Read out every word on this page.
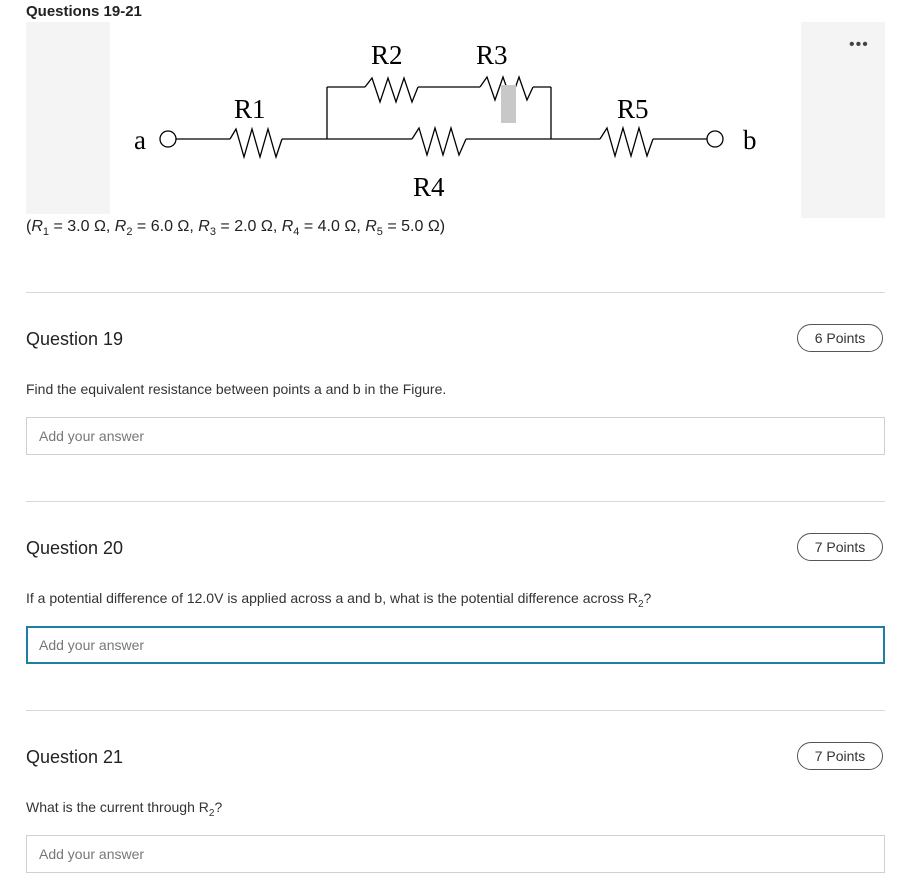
Questions 19-21
•••
a	b
R1
R2	R3
R4
R5
($R_1 = 3.0$ Ω, $R_2 = 6.0$ Ω, $R_3 = 2.0$ Ω, $R_4 = 4.0$ Ω, $R_5 = 5.0$ Ω)
Question 19	6 Points
Find the equivalent resistance between points a and b in the Figure.
Add your answer
Question 20	7 Points
If a potential difference of 12.0V is applied across a and b, what is the potential difference across $R_2$?
Add your answer
Question 21	7 Points
What is the current through $R_2$?
Add your answer
